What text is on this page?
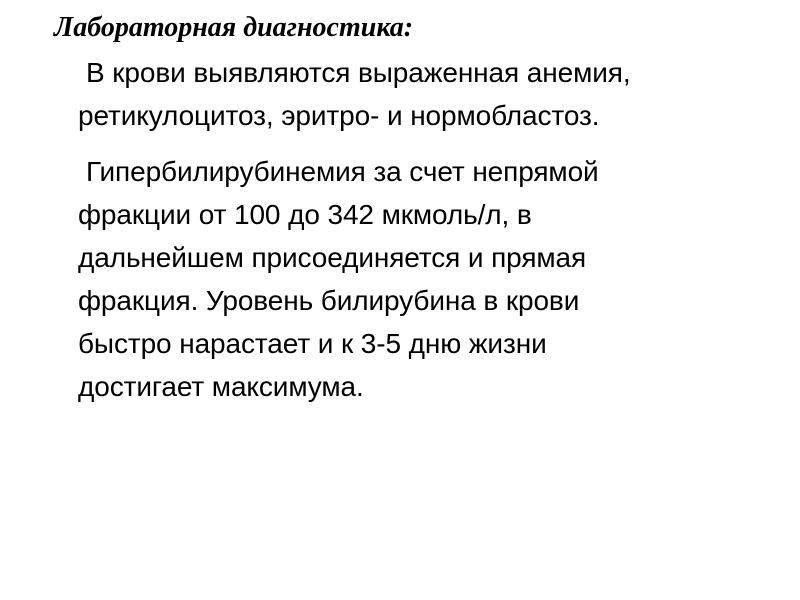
Лабораторная диагностика:

В крови выявляются выраженная анемия,
ретикулоцитоз, эритро- и нормобластоз.

Гипербилирубинемия за счет непрямой
фракции от 100 до 342 мкмоль/л, в
дальнейшем присоединяется и прямая
фракция. Уровень билирубина в крови
быстро нарастает и к 3-5 дню жизни
достигает максимума.
